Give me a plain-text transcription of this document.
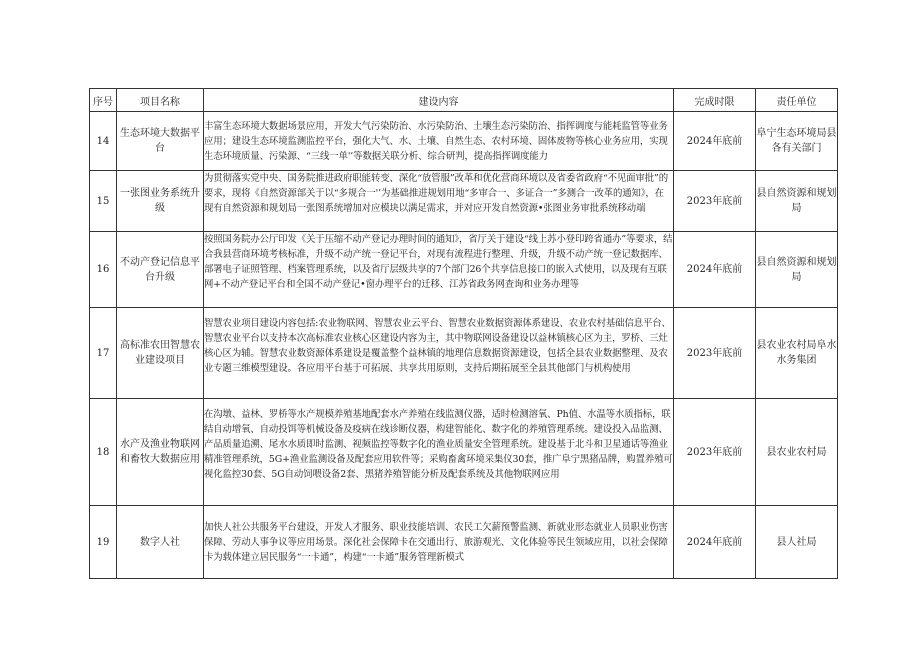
序号	项目名称	建设内容	完成时限	责任单位
14	生态环境大数据平台	丰富生态环境大数据场景应用，开发大气污染防治、水污染防治、土壤生态污染防治、指挥调度与能耗监管等业务应用；建设生态环境监测监控平台，强化大气、水、土壤、自然生态、农村环境、固体废物等核心业务应用，实现生态环境质量、污染源、“三线一单'’等数据关联分析、综合研判，提高指挥调度能力	2024年底前	阜宁生态环境局县各有关部门
15	一张图业务系统升级	为贯彻落实党中央、国务院推进政府职能转变、深化“放管服”改革和优化营商环境以及省委省政府“不见面审批”的要求，现将《自然资源部关于以“多规合一'’为基础推进规划用地“多审合一、多证合一”多测合一改革的通知》，在现有自然资源和规划局一张图系统增加对应模块以满足需求，并对应开发自然资源•张图业务审批系统移动端	2023年底前	县自然资源和规划局
16	不动产登记信息平台升级	按照国务院办公厅印发《关于压缩不动产登记办理时间的通知》，省厅关于建设“线上苏小登印跨省通办”等要求，结合我县营商环境考核标准，升级不动产统一登记平台，对现有流程进行整理、升级，升级不动产统一登记数据库、部署电子证照管理、档案管理系统，以及省厅层级共享的7个部门26个共享信息接口的嵌入式使用，以及现有互联网+不动产登记平台和全国不动产登记•窗办理平台的迁移、江苏省政务网查询和业务办理等	2024年底前	县自然资源和规划局
17	高标准农田智慧农业建设项目	智慧农业项目建设内容包括:农业物联网、智慧农业云平台、智慧农业数据资源体系建设、农业农村基础信息平台、智慧农业平台以支持本次高标准农业核心区建设内容为主，其中物联网设备建设以益林镇核心区为主，罗桥、三灶核心区为辅。智慧农业数资源体系建设是覆盖整个益林镇的地理信息数据资源建设，包括全县农业数据整理、及农业专题三维模型建设。各应用平台基于可拓展、共享共用原则，支持后期拓展至全县其他部门与机构使用	2023年底前	县农业农村局阜水水务集团
18	水产及渔业物联网和畜牧大数据应用	在沟墩、益林、罗桥等水产规模养殖基地配套水产养殖在线监测仪器，适时检测溶氧、Ph值、水温等水质指标，联结自动增氧、自动投饵等机械设备及疫病在线诊断仪器，构建智能化、数字化的养殖管理系统。建设投入品监测、产品质量追溯、尾水水质即时监测、视频监控等数字化的渔业质量安全管理系统。建设基于北斗和卫星通话等渔业精准管理系统，5G+渔业监测设备及配套应用软件等；采购畜禽环境采集仪30套，推广阜宁黑猪品牌，购置养殖可视化监控30套、5G自动饲喂设备2套、黑猪养殖智能分析及配套系统及其他物联网应用	2023年底前	县农业农村局
19	数字人社	加快人社公共服务平台建设，开发人才服务、职业技能培训、农民工欠薪预警监测、新就业形态就业人员职业伤害保障、劳动人事争议等应用场景。深化社会保障卡在交通出行、旅游观光、文化体验等民生领域应用，以社会保障卡为载体建立居民服务“一卡通”，构建“一卡通”服务管理新模式	2024年底前	县人社局
